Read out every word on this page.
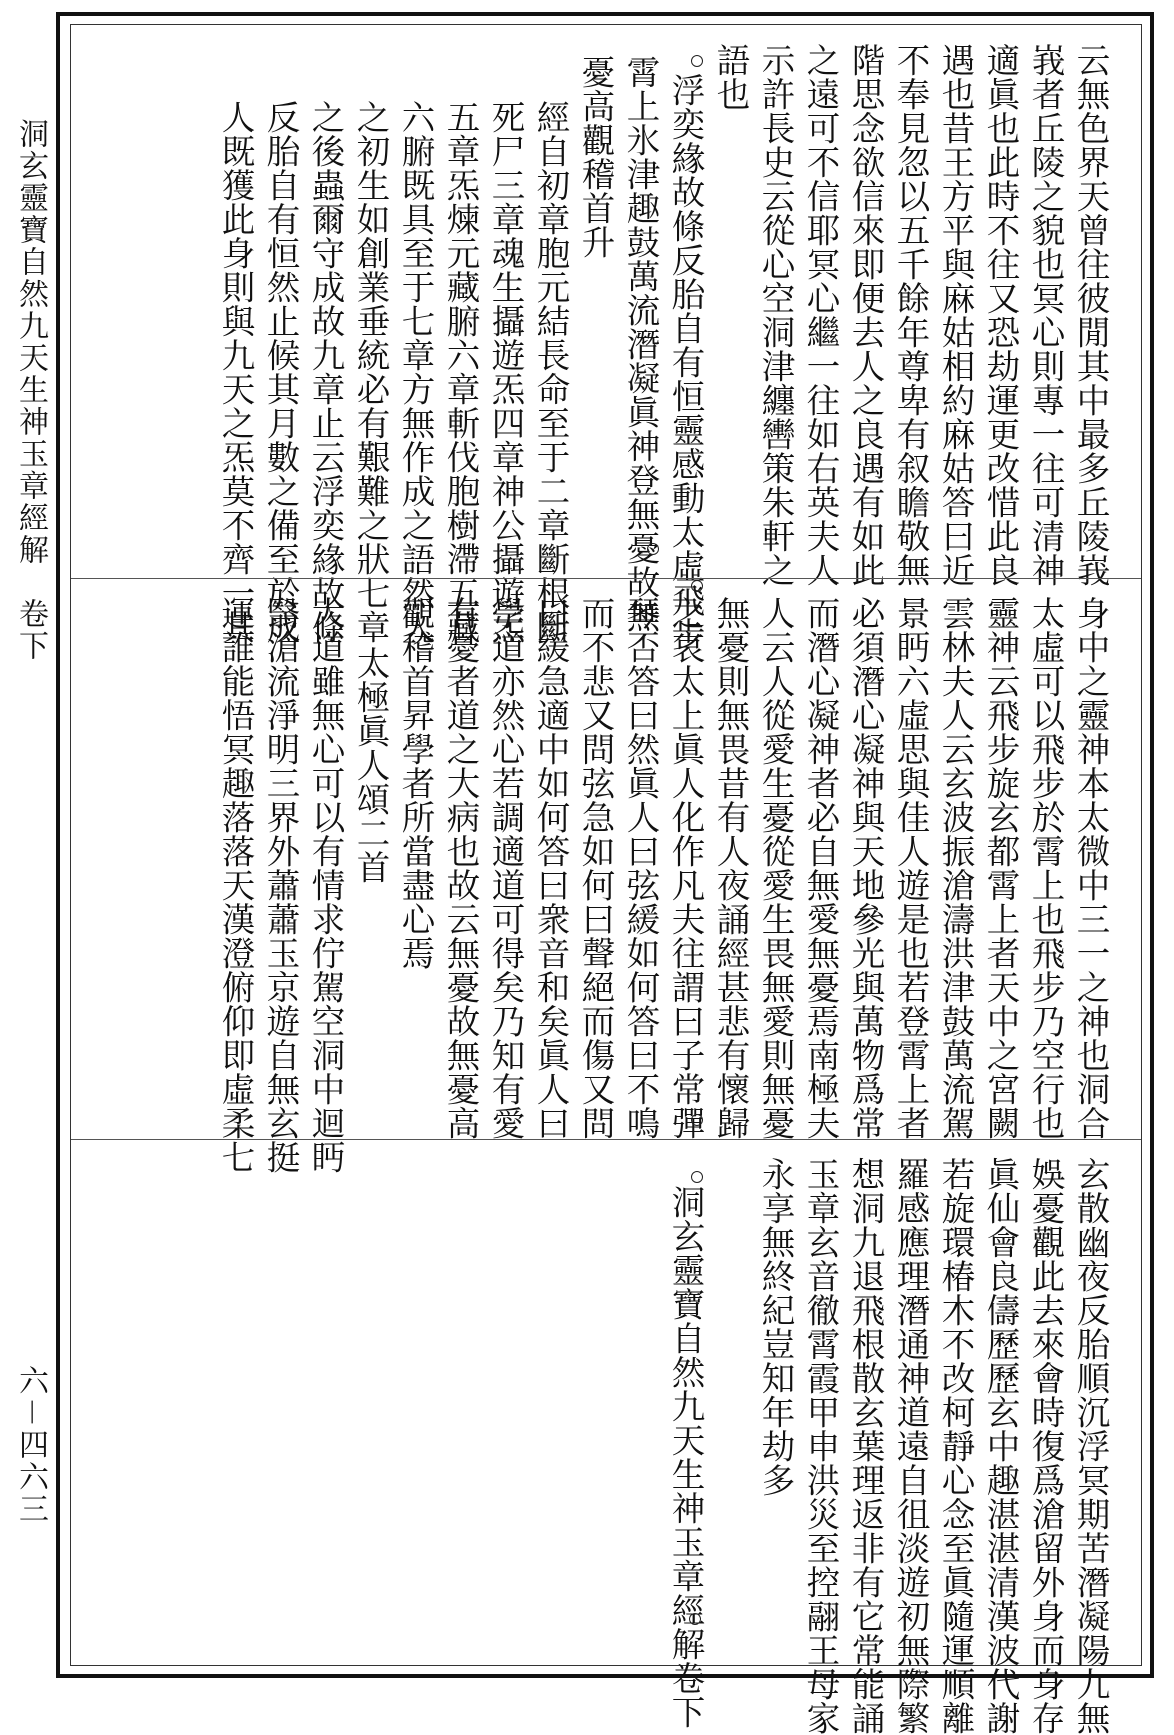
洞玄靈寶自然九天生神玉章經解　卷下
六－四六三
云無色界天曾往彼閒其中最多丘陵峩
峩者丘陵之貌也冥心則專一往可清神
適眞也此時不往又恐劫運更改惜此良
遇也昔王方平與麻姑相約麻姑答曰近
不奉見忽以五千餘年尊卑有叙瞻敬無
階思念欲信來即便去人之良遇有如此
之遠可不信耶冥心繼一往如右英夫人
示許長史云從心空洞津纏轡策朱軒之
語也
浮奕緣故條反胎自有恒靈感動太虛飛步
霄上氷津趣鼓萬流潛凝眞神登無憂故無
憂高觀稽首升
經自初章胞元結長命至于二章斷根斷
死尸三章魂生攝遊炁四章神公攝遊炁
五章炁煉元藏腑六章斬伐胞樹滯五藏
六腑既具至于七章方無作成之語然人
之初生如創業垂統必有艱難之狀七章
之後蟲爾守成故九章止云浮奕緣故條
反胎自有恒然止候其月數之備至於成
人既獲此身則與九天之炁莫不齊一其
身中之靈神本太微中三一之神也洞合
太虛可以飛步於霄上也飛步乃空行也
靈神云飛步旋玄都霄上者天中之宮闕
雲林夫人云玄波振滄濤洪津鼓萬流駕
景眄六虛思與佳人遊是也若登霄上者
必須潛心凝神與天地參光與萬物爲常
而潛心凝神者必自無愛無憂焉南極夫
人云人從愛生憂從愛生畏無愛則無憂
無憂則無畏昔有人夜誦經甚悲有懷歸
之哀太上眞人化作凡夫往謂曰子常彈
琴否答曰然眞人曰弦緩如何答曰不鳴
而不悲又問弦急如何曰聲絕而傷又問
曰緩急適中如何答曰衆音和矣眞人曰
學道亦然心若調適道可得矣乃知有愛
有憂者道之大病也故云無憂故無憂高
觀稽首昇學者所當盡心焉
太極眞人頌二首
大道雖無心可以有情求佇駕空洞中迴眄
翳滄流淨明三界外蕭蕭玉京遊自無玄挺
運誰能悟冥趣落落天漢澄俯仰即虛柔七
玄散幽夜反胎順沉浮冥期苦潛凝陽九無
娛憂觀此去來會時復爲滄留外身而身存
眞仙會良儔歷歷玄中趣湛湛清漢波代謝
若旋環椿木不改柯靜心念至眞隨運順離
羅感應理潛通神道遠自徂淡遊初無際繁
想洞九退飛根散玄葉理返非有它常能誦
玉章玄音徹霄霞甲申洪災至控翮王母家
永享無終紀豈知年劫多
洞玄靈寶自然九天生神玉章經解卷下
